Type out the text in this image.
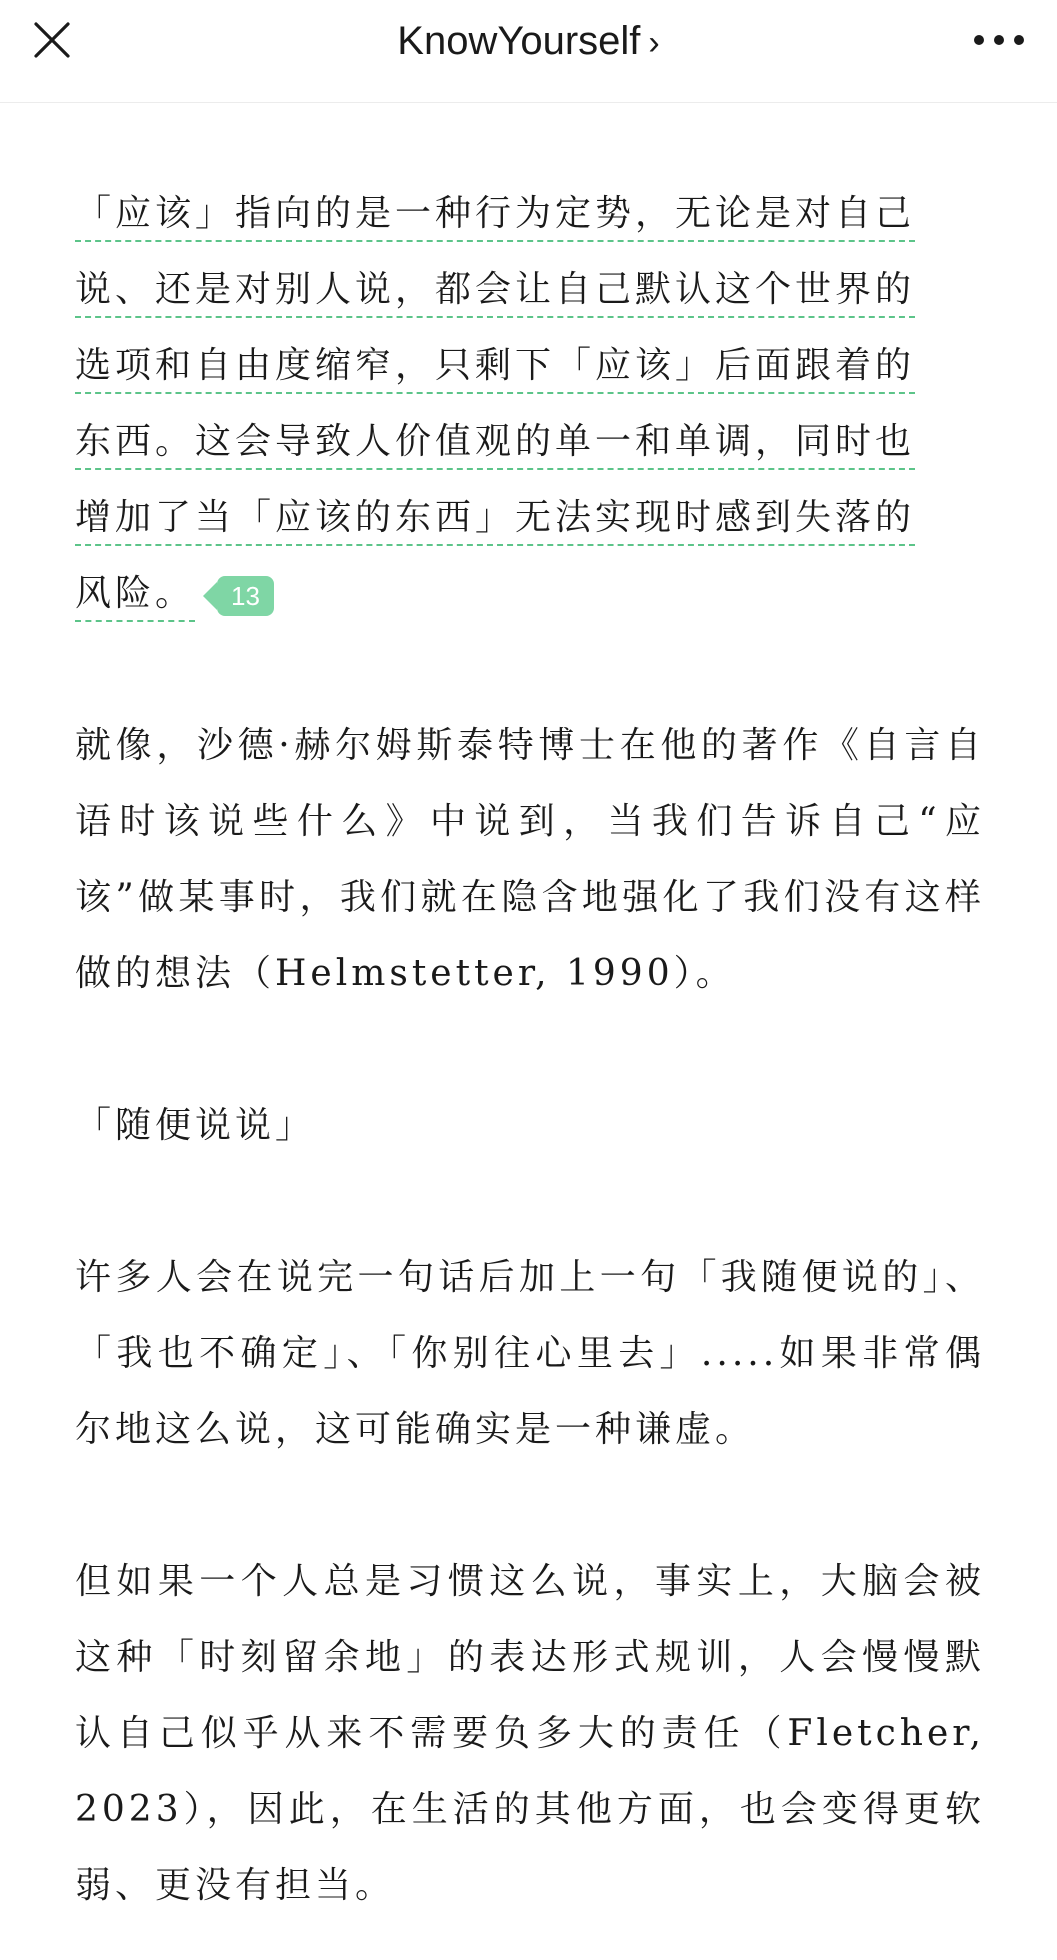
KnowYourself ›

「应该」指向的是一种行为定势，无论是对自己
说、还是对别人说，都会让自己默认这个世界的
选项和自由度缩窄，只剩下「应该」后面跟着的
东西。这会导致人价值观的单一和单调，同时也
增加了当「应该的东西」无法实现时感到失落的
风险。 13

就像，沙德·赫尔姆斯泰特博士在他的著作《自言自语时该说些什么》中说到，当我们告诉自己“应该”做某事时，我们就在隐含地强化了我们没有这样做的想法（Helmstetter, 1990）。

「随便说说」

许多人会在说完一句话后加上一句「我随便说的」、「我也不确定」、「你别往心里去」.....如果非常偶尔地这么说，这可能确实是一种谦虚。

但如果一个人总是习惯这么说，事实上，大脑会被这种「时刻留余地」的表达形式规训，人会慢慢默认自己似乎从来不需要负多大的责任（Fletcher, 2023），因此，在生活的其他方面，也会变得更软弱、更没有担当。
